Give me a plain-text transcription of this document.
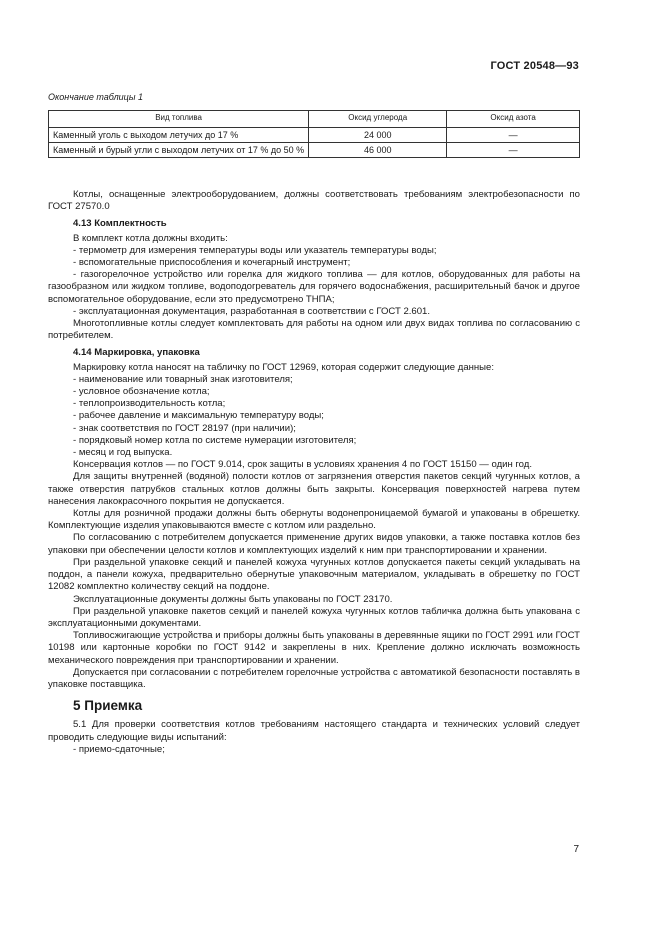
ГОСТ 20548—93
Окончание таблицы 1
Вид топлива	Оксид углерода	Оксид азота
Каменный уголь с выходом летучих до 17 %	24 000	—
Каменный и бурый угли с выходом летучих от 17 % до 50 %	46 000	—

Котлы, оснащенные электрооборудованием, должны соответствовать требованиям электробезопасности по ГОСТ 27570.0

4.13 Комплектность

В комплект котла должны входить:

- термометр для измерения температуры воды или указатель температуры воды;

- вспомогательные приспособления и кочегарный инструмент;

- газогорелочное устройство или горелка для жидкого топлива — для котлов, оборудованных для работы на газообразном или жидком топливе, водоподогреватель для горячего водоснабжения, расширительный бачок и другое вспомогательное оборудование, если это предусмотрено ТНПА;

- эксплуатационная документация, разработанная в соответствии с ГОСТ 2.601.

Многотопливные котлы следует комплектовать для работы на одном или двух видах топлива по согласованию с потребителем.

4.14 Маркировка, упаковка

Маркировку котла наносят на табличку по ГОСТ 12969, которая содержит следующие данные:

- наименование или товарный знак изготовителя;

- условное обозначение котла;

- теплопроизводительность котла;

- рабочее давление и максимальную температуру воды;

- знак соответствия по ГОСТ 28197 (при наличии);

- порядковый номер котла по системе нумерации изготовителя;

- месяц и год выпуска.

Консервация котлов — по ГОСТ 9.014, срок защиты в условиях хранения 4 по ГОСТ 15150 — один год.

Для защиты внутренней (водяной) полости котлов от загрязнения отверстия пакетов секций чугунных котлов, а также отверстия патрубков стальных котлов должны быть закрыты. Консервация поверхностей нагрева путем нанесения лакокрасочного покрытия не допускается.

Котлы для розничной продажи должны быть обернуты водонепроницаемой бумагой и упакованы в обрешетку. Комплектующие изделия упаковываются вместе с котлом или раздельно.

По согласованию с потребителем допускается применение других видов упаковки, а также поставка котлов без упаковки при обеспечении целости котлов и комплектующих изделий к ним при транспортировании и хранении.

При раздельной упаковке секций и панелей кожуха чугунных котлов допускается пакеты секций укладывать на поддон, а панели кожуха, предварительно обернутые упаковочным материалом, укладывать в обрешетку по ГОСТ 12082 комплектно количеству секций на поддоне.

Эксплуатационные документы должны быть упакованы по ГОСТ 23170.

При раздельной упаковке пакетов секций и панелей кожуха чугунных котлов табличка должна быть упакована с эксплуатационными документами.

Топливосжигающие устройства и приборы должны быть упакованы в деревянные ящики по ГОСТ 2991 или ГОСТ 10198 или картонные коробки по ГОСТ 9142 и закреплены в них. Крепление должно исключать возможность механического повреждения при транспортировании и хранении.

Допускается при согласовании с потребителем горелочные устройства с автоматикой безопасности поставлять в упаковке поставщика.

5 Приемка

5.1 Для проверки соответствия котлов требованиям настоящего стандарта и технических условий следует проводить следующие виды испытаний:

- приемо-сдаточные;

7
